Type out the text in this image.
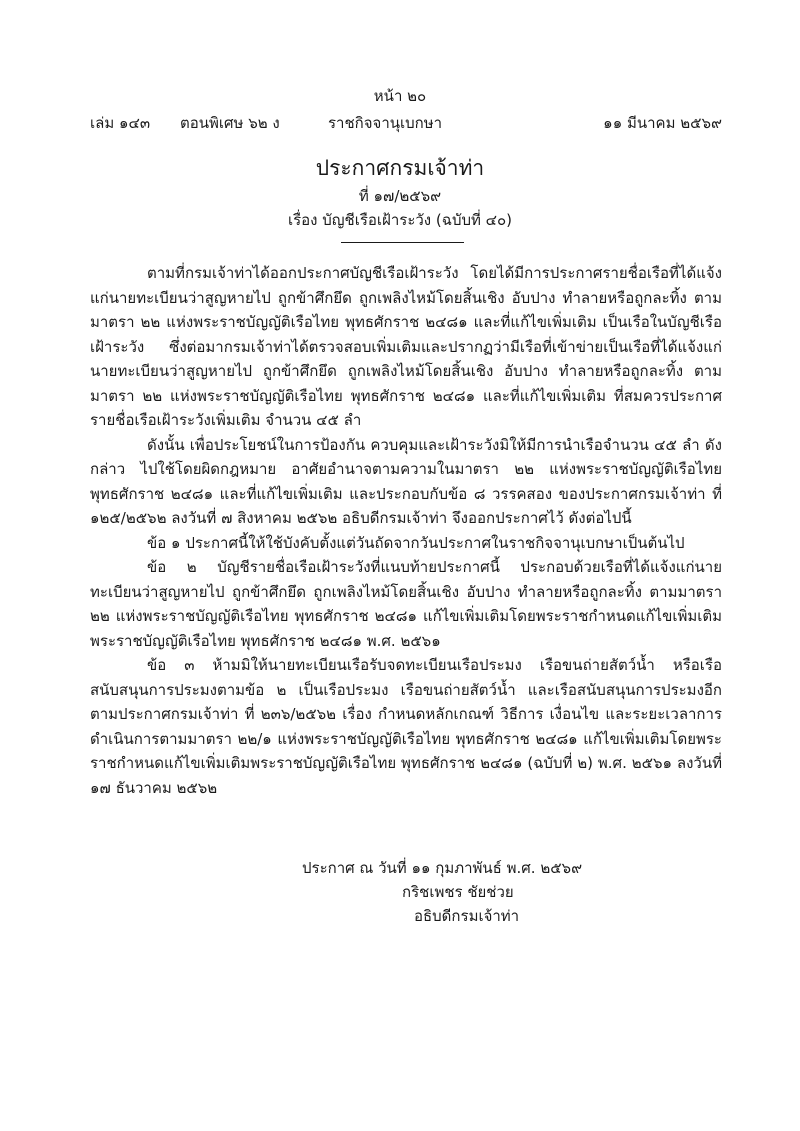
หน้า ๒๐
เล่ม ๑๔๓ ตอนพิเศษ ๖๒ ง	ราชกิจจานุเบกษา	๑๑ มีนาคม ๒๕๖๙
ประกาศกรมเจ้าท่า
ที่ ๑๗/๒๕๖๙
เรื่อง บัญชีเรือเฝ้าระวัง (ฉบับที่ ๔๐)

ตามที่กรมเจ้าท่าได้ออกประกาศบัญชีเรือเฝ้าระวัง โดยได้มีการประกาศรายชื่อเรือที่ได้แจ้งแก่นายทะเบียนว่าสูญหายไป ถูกข้าศึกยึด ถูกเพลิงไหม้โดยสิ้นเชิง อับปาง ทำลายหรือถูกละทิ้ง ตามมาตรา ๒๒ แห่งพระราชบัญญัติเรือไทย พุทธศักราช ๒๔๘๑ และที่แก้ไขเพิ่มเติม เป็นเรือในบัญชีเรือเฝ้าระวัง ซึ่งต่อมากรมเจ้าท่าได้ตรวจสอบเพิ่มเติมและปรากฏว่ามีเรือที่เข้าข่ายเป็นเรือที่ได้แจ้งแก่นายทะเบียนว่าสูญหายไป ถูกข้าศึกยึด ถูกเพลิงไหม้โดยสิ้นเชิง อับปาง ทำลายหรือถูกละทิ้ง ตามมาตรา ๒๒ แห่งพระราชบัญญัติเรือไทย พุทธศักราช ๒๔๘๑ และที่แก้ไขเพิ่มเติม ที่สมควรประกาศรายชื่อเรือเฝ้าระวังเพิ่มเติม จำนวน ๔๕ ลำ

ดังนั้น เพื่อประโยชน์ในการป้องกัน ควบคุมและเฝ้าระวังมิให้มีการนำเรือจำนวน ๔๕ ลำ ดังกล่าว ไปใช้โดยผิดกฎหมาย อาศัยอำนาจตามความในมาตรา ๒๒ แห่งพระราชบัญญัติเรือไทย พุทธศักราช ๒๔๘๑ และที่แก้ไขเพิ่มเติม และประกอบกับข้อ ๘ วรรคสอง ของประกาศกรมเจ้าท่า ที่ ๑๒๕/๒๕๖๒ ลงวันที่ ๗ สิงหาคม ๒๕๖๒ อธิบดีกรมเจ้าท่า จึงออกประกาศไว้ ดังต่อไปนี้

ข้อ ๑ ประกาศนี้ให้ใช้บังคับตั้งแต่วันถัดจากวันประกาศในราชกิจจานุเบกษาเป็นต้นไป

ข้อ ๒ บัญชีรายชื่อเรือเฝ้าระวังที่แนบท้ายประกาศนี้ ประกอบด้วยเรือที่ได้แจ้งแก่นายทะเบียนว่าสูญหายไป ถูกข้าศึกยึด ถูกเพลิงไหม้โดยสิ้นเชิง อับปาง ทำลายหรือถูกละทิ้ง ตามมาตรา ๒๒ แห่งพระราชบัญญัติเรือไทย พุทธศักราช ๒๔๘๑ แก้ไขเพิ่มเติมโดยพระราชกำหนดแก้ไขเพิ่มเติมพระราชบัญญัติเรือไทย พุทธศักราช ๒๔๘๑ พ.ศ. ๒๕๖๑

ข้อ ๓ ห้ามมิให้นายทะเบียนเรือรับจดทะเบียนเรือประมง เรือขนถ่ายสัตว์น้ำ หรือเรือสนับสนุนการประมงตามข้อ ๒ เป็นเรือประมง เรือขนถ่ายสัตว์น้ำ และเรือสนับสนุนการประมงอีก ตามประกาศกรมเจ้าท่า ที่ ๒๓๖/๒๕๖๒ เรื่อง กำหนดหลักเกณฑ์ วิธีการ เงื่อนไข และระยะเวลาการดำเนินการตามมาตรา ๒๒/๑ แห่งพระราชบัญญัติเรือไทย พุทธศักราช ๒๔๘๑ แก้ไขเพิ่มเติมโดยพระราชกำหนดแก้ไขเพิ่มเติมพระราชบัญญัติเรือไทย พุทธศักราช ๒๔๘๑ (ฉบับที่ ๒) พ.ศ. ๒๕๖๑ ลงวันที่ ๑๗ ธันวาคม ๒๕๖๒

ประกาศ ณ วันที่ ๑๑ กุมภาพันธ์ พ.ศ. ๒๕๖๙
กริชเพชร ชัยช่วย
อธิบดีกรมเจ้าท่า
